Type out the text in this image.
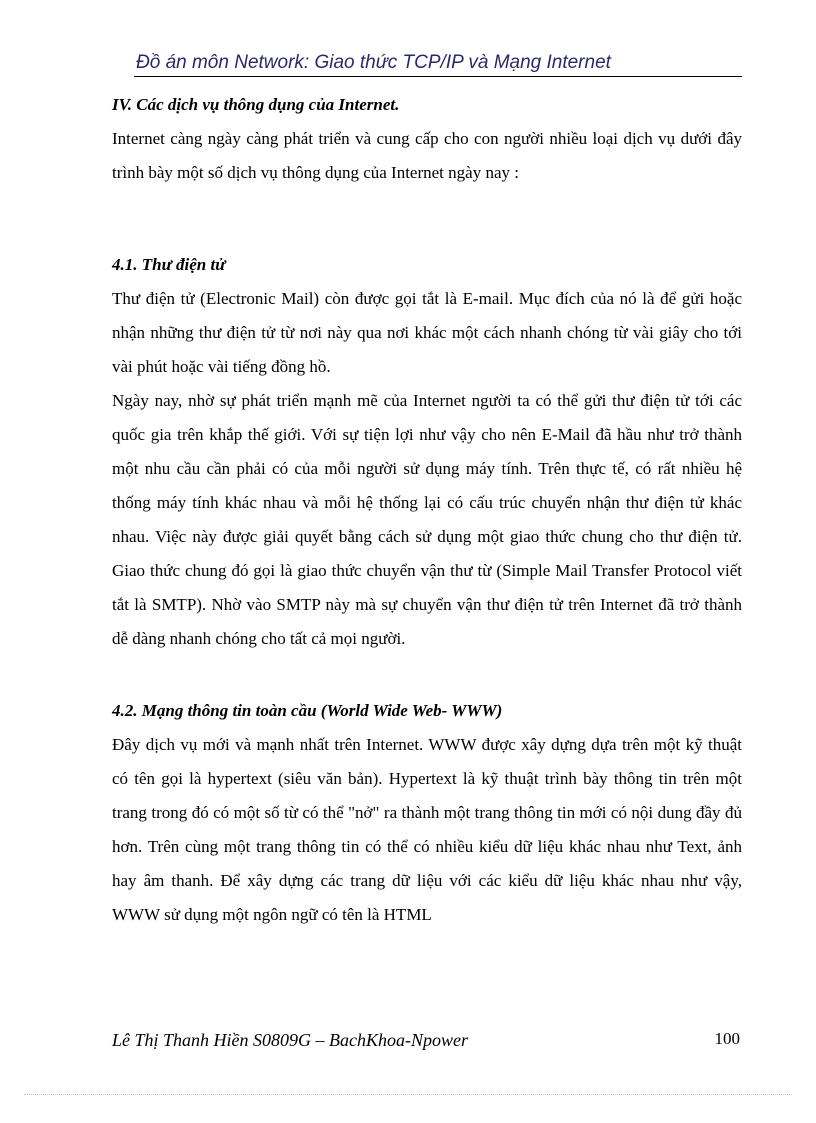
Đồ án môn Network: Giao thức TCP/IP và Mạng Internet
IV. Các dịch vụ thông dụng của Internet.

Internet càng ngày càng phát triển và cung cấp cho con người nhiều loại dịch vụ dưới đây trình bày một số dịch vụ thông dụng của Internet ngày nay :

4.1. Thư điện tử

Thư điện tử (Electronic Mail) còn được gọi tắt là E-mail. Mục đích của nó là để gửi hoặc nhận những thư điện tử từ nơi này qua nơi khác một cách nhanh chóng từ vài giây cho tới vài phút hoặc vài tiếng đồng hồ.

Ngày nay, nhờ sự phát triển mạnh mẽ của Internet người ta có thể gửi thư điện tử tới các quốc gia trên khắp thế giới. Với sự tiện lợi như vậy cho nên E-Mail đã hầu như trở thành một nhu cầu cần phải có của mỗi người sử dụng máy tính. Trên thực tế, có rất nhiều hệ thống máy tính khác nhau và mỗi hệ thống lại có cấu trúc chuyển nhận thư điện tử khác nhau. Việc này được giải quyết bằng cách sử dụng một giao thức chung cho thư điện tử. Giao thức chung đó gọi là giao thức chuyển vận thư từ (Simple Mail Transfer Protocol viết tắt là SMTP). Nhờ vào SMTP này mà sự chuyển vận thư điện tử trên Internet đã trở thành dễ dàng nhanh chóng cho tất cả mọi người.

4.2. Mạng thông tin toàn cầu (World Wide Web- WWW)

Đây dịch vụ mới và mạnh nhất trên Internet. WWW được xây dựng dựa trên một kỹ thuật có tên gọi là hypertext (siêu văn bản). Hypertext là kỹ thuật trình bày thông tin trên một trang trong đó có một số từ có thể "nở" ra thành một trang thông tin mới có nội dung đầy đủ hơn. Trên cùng một trang thông tin có thể có nhiều kiểu dữ liệu khác nhau như Text, ảnh hay âm thanh. Để xây dựng các trang dữ liệu với các kiểu dữ liệu khác nhau như vậy, WWW sử dụng một ngôn ngữ có tên là HTML

Lê Thị Thanh Hiền S0809G – BachKhoa-Npower	100
